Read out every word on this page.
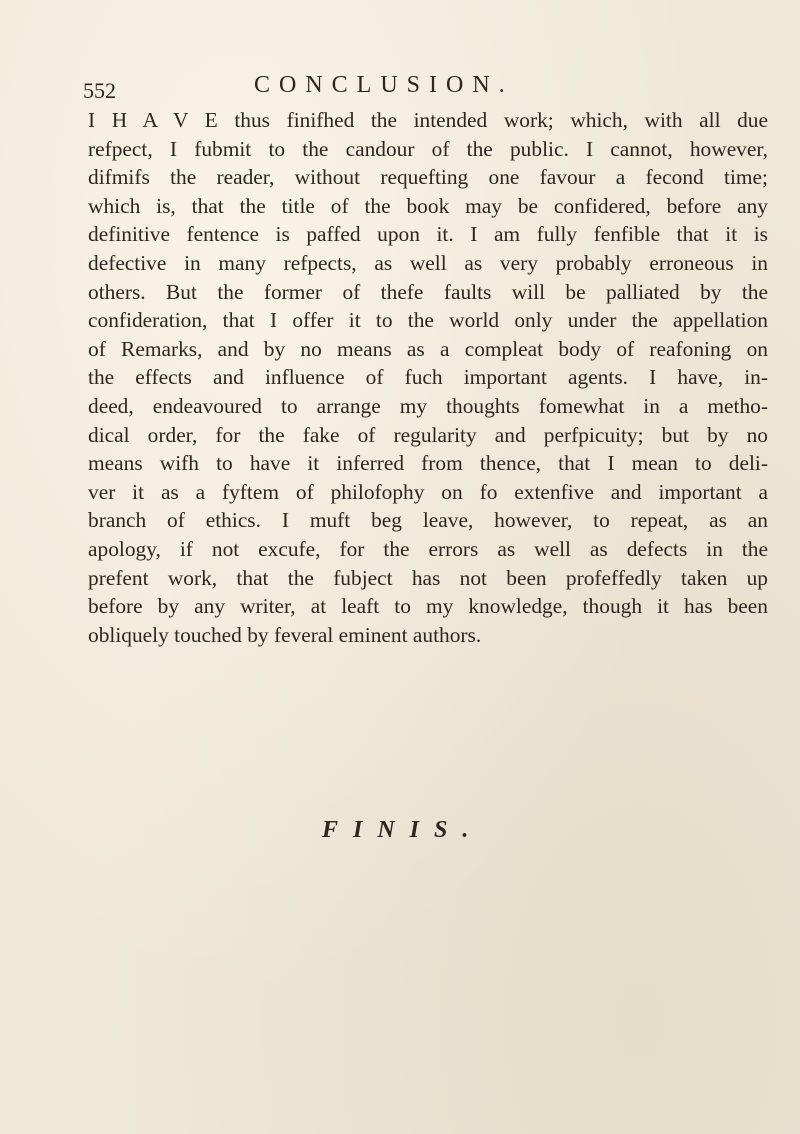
552	CONCLUSION.

I H A V E thus finifhed the intended work; which, with all due
refpect, I fubmit to the candour of the public. I cannot, however,
difmifs the reader, without requefting one favour a fecond time;
which is, that the title of the book may be confidered, before any
definitive fentence is paffed upon it. I am fully fenfible that it is
defective in many refpects, as well as very probably erroneous in
others. But the former of thefe faults will be palliated by the
confideration, that I offer it to the world only under the appellation
of Remarks, and by no means as a compleat body of reafoning on
the effects and influence of fuch important agents. I have, in-
deed, endeavoured to arrange my thoughts fomewhat in a metho-
dical order, for the fake of regularity and perfpicuity; but by no
means wifh to have it inferred from thence, that I mean to deli-
ver it as a fyftem of philofophy on fo extenfive and important a
branch of ethics. I muft beg leave, however, to repeat, as an
apology, if not excufe, for the errors as well as defects in the
prefent work, that the fubject has not been profeffedly taken up
before by any writer, at leaft to my knowledge, though it has been
obliquely touched by feveral eminent authors.

FINIS.
